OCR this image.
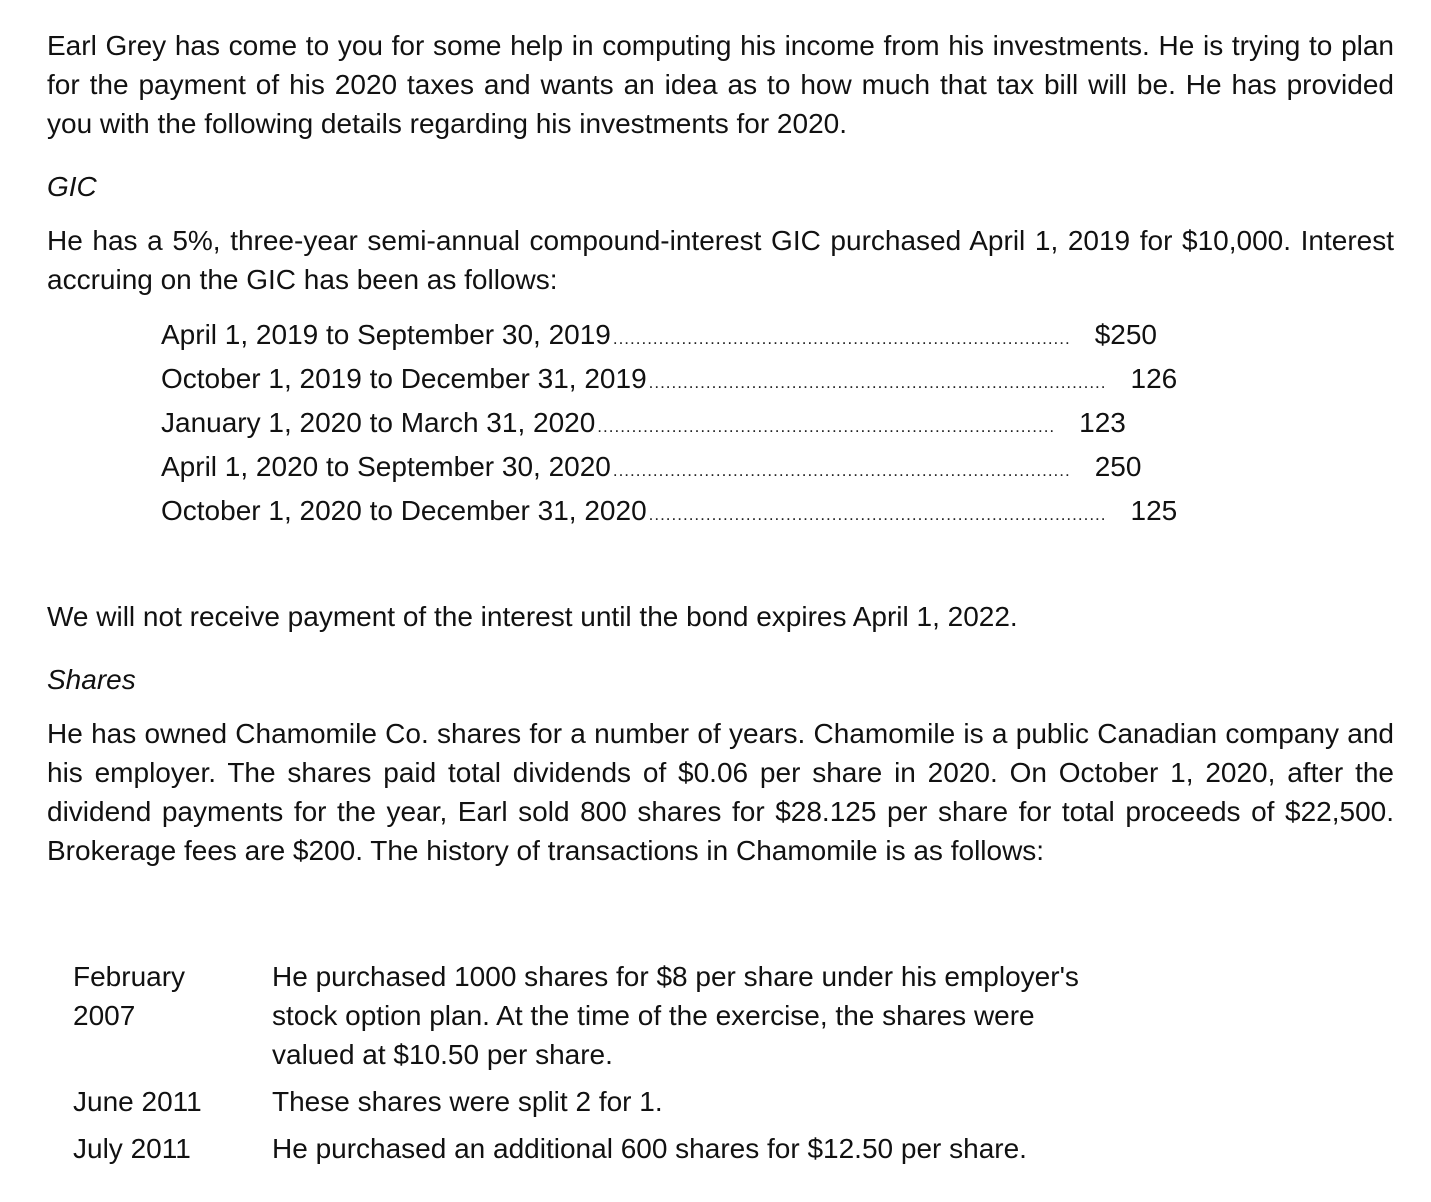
Earl Grey has come to you for some help in computing his income from his investments. He is trying to plan for the payment of his 2020 taxes and wants an idea as to how much that tax bill will be. He has provided you with the following details regarding his investments for 2020.

GIC

He has a 5%, three-year semi-annual compound-interest GIC purchased April 1, 2019 for $10,000. Interest accruing on the GIC has been as follows:

April 1, 2019 to September 30, 2019 ................................................................................ $250
October 1, 2019 to December 31, 2019 ................................................................................ 126
January 1, 2020 to March 31, 2020 ................................................................................ 123
April 1, 2020 to September 30, 2020 ................................................................................ 250
October 1, 2020 to December 31, 2020 ................................................................................ 125

We will not receive payment of the interest until the bond expires April 1, 2022.

Shares

He has owned Chamomile Co. shares for a number of years. Chamomile is a public Canadian company and his employer. The shares paid total dividends of $0.06 per share in 2020. On October 1, 2020, after the dividend payments for the year, Earl sold 800 shares for $28.125 per share for total proceeds of $22,500. Brokerage fees are $200. The history of transactions in Chamomile is as follows:

February
2007
He purchased 1000 shares for $8 per share under his employer's stock option plan. At the time of the exercise, the shares were valued at $10.50 per share.
June 2011	These shares were split 2 for 1.
July 2011	He purchased an additional 600 shares for $12.50 per share.
